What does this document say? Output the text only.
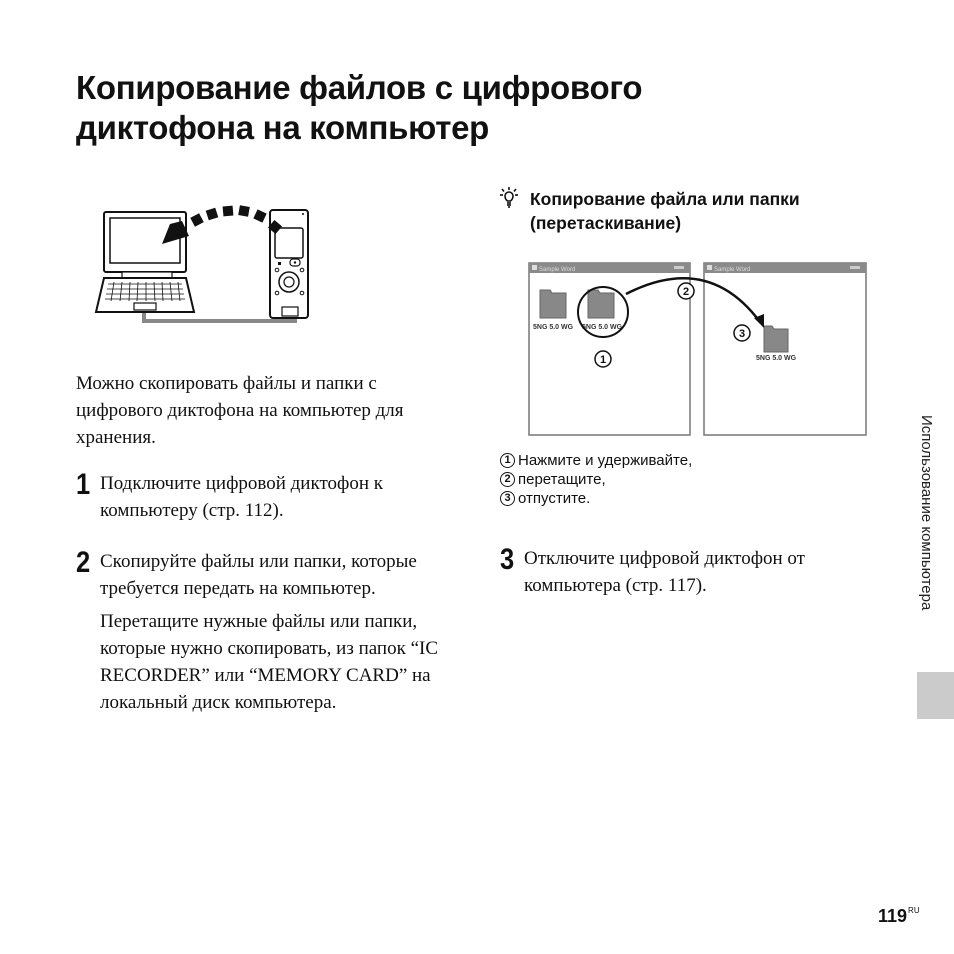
Копирование файлов с цифрового диктофона на компьютер

Можно скопировать файлы и папки с цифрового диктофона на компьютер для хранения.

1 Подключите цифровой диктофон к компьютеру (стр. 112).

2 Скопируйте файлы или папки, которые требуется передать на компьютер.

Перетащите нужные файлы или папки, которые нужно скопировать, из папок “IC RECORDER” или “MEMORY CARD” на локальный диск компьютера.

Копирование файла или папки (перетаскивание)
Sample Word
5NG 5.0 WG 5NG 5.0 WG
Sample Word
5NG 5.0 WG
1
2
3
1 Нажмите и удерживайте,
2 перетащите,
3 отпустите.
3 Отключите цифровой диктофон от компьютера (стр. 117).	Использование компьютера
$119^{RU}$
